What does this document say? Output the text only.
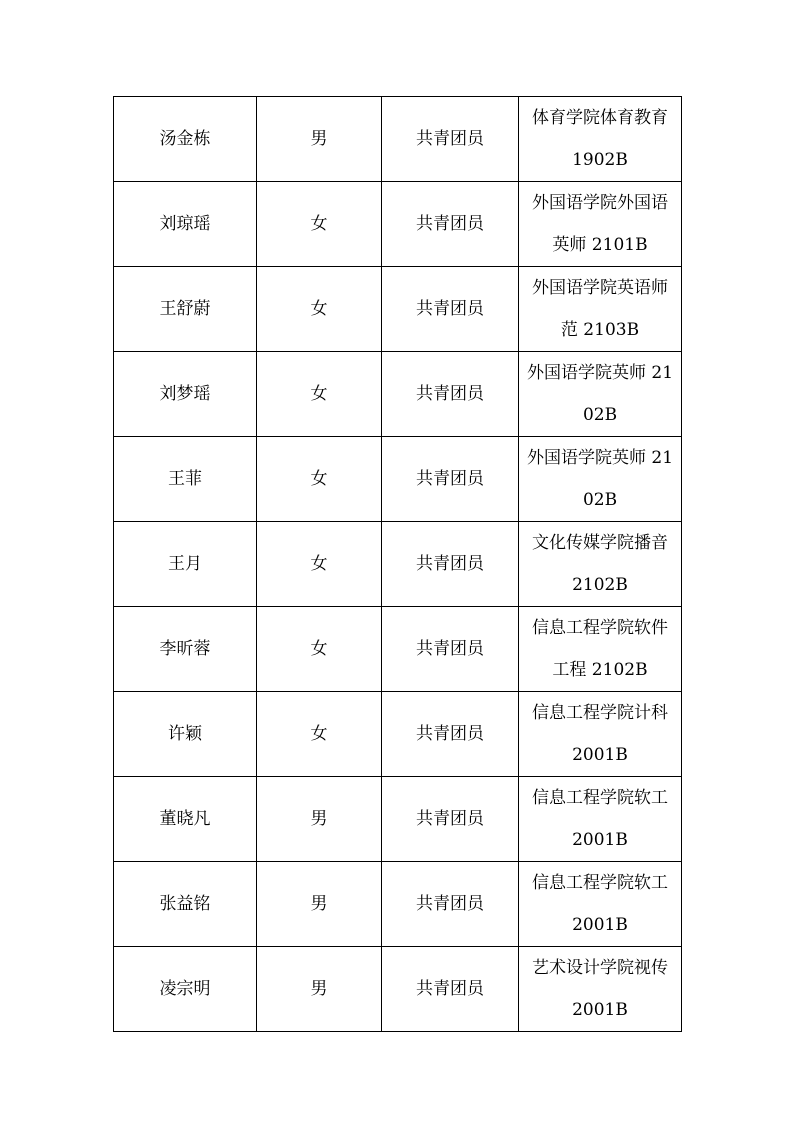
汤金栋	男	共青团员	体育学院体育教育 1902B
刘琼瑶	女	共青团员	外国语学院外国语英师 2101B
王舒蔚	女	共青团员	外国语学院英语师范 2103B
刘梦瑶	女	共青团员	外国语学院英师 2102B
王菲	女	共青团员	外国语学院英师 2102B
王月	女	共青团员	文化传媒学院播音 2102B
李昕蓉	女	共青团员	信息工程学院软件工程 2102B
许颖	女	共青团员	信息工程学院计科 2001B
董晓凡	男	共青团员	信息工程学院软工 2001B
张益铭	男	共青团员	信息工程学院软工 2001B
凌宗明	男	共青团员	艺术设计学院视传 2001B
